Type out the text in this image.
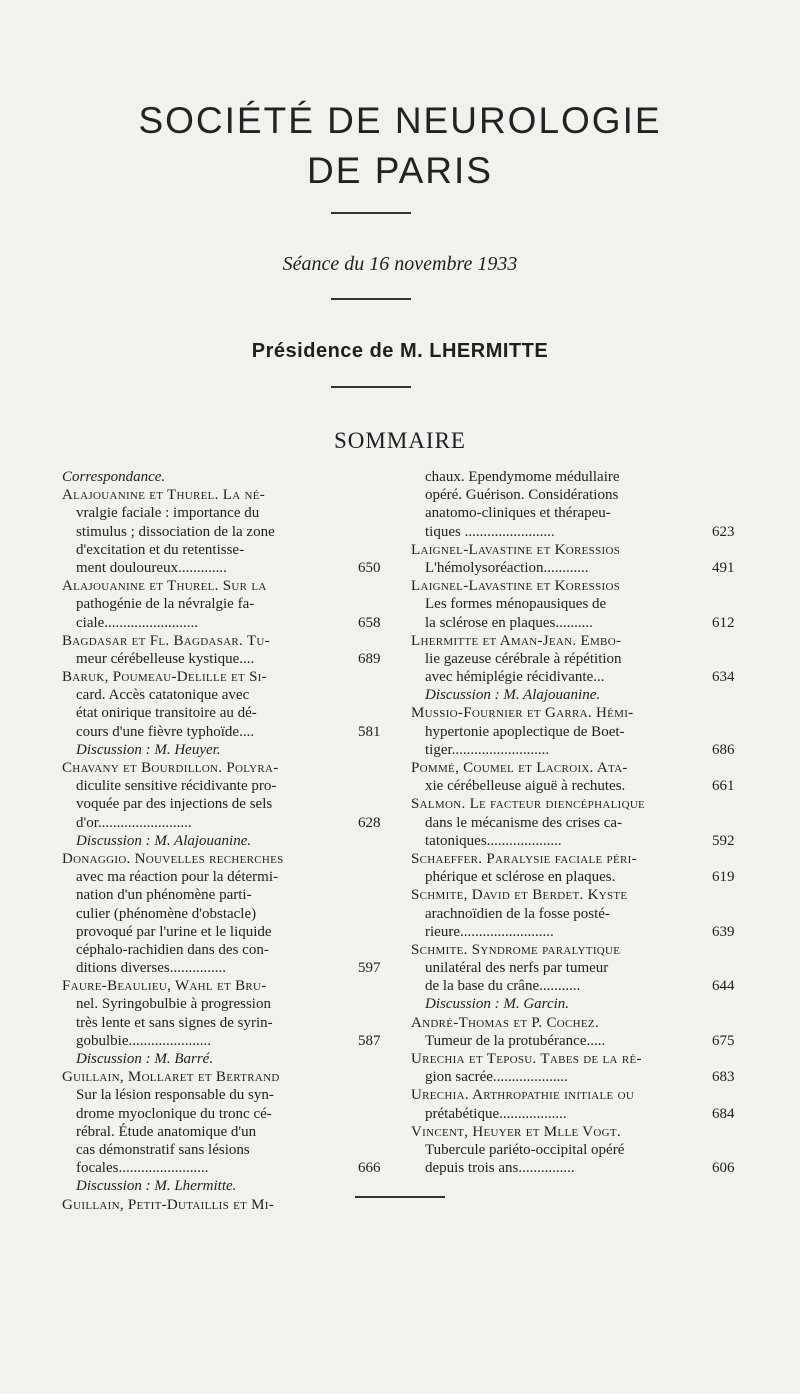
SOCIÉTÉ DE NEUROLOGIE
DE PARIS
Séance du 16 novembre 1933
Présidence de M. LHERMITTE
SOMMAIRE
Correspondance.
Alajouanine et Thurel. La né-
vralgie faciale : importance du
stimulus ; dissociation de la zone
d'excitation et du retentisse-
ment douloureux.............	650
Alajouanine et Thurel. Sur la
pathogénie de la névralgie fa-
ciale.........................	658
Bagdasar et Fl. Bagdasar. Tu-
meur cérébelleuse kystique....	689
Baruk, Poumeau-Delille et Si-
card. Accès catatonique avec
état onirique transitoire au dé-
cours d'une fièvre typhoïde....	581
Discussion : M. Heuyer.
Chavany et Bourdillon. Polyra-
diculite sensitive récidivante pro-
voquée par des injections de sels
d'or.........................	628
Discussion : M. Alajouanine.
Donaggio. Nouvelles recherches
avec ma réaction pour la détermi-
nation d'un phénomène parti-
culier (phénomène d'obstacle)
provoqué par l'urine et le liquide
céphalo-rachidien dans des con-
ditions diverses...............	597
Faure-Beaulieu, Wahl et Bru-
nel. Syringobulbie à progression
très lente et sans signes de syrin-
gobulbie......................	587
Discussion : M. Barré.
Guillain, Mollaret et Bertrand
Sur la lésion responsable du syn-
drome myoclonique du tronc cé-
rébral. Étude anatomique d'un
cas démonstratif sans lésions
focales........................	666
Discussion : M. Lhermitte.
Guillain, Petit-Dutaillis et Mi-
chaux. Ependymome médullaire
opéré. Guérison. Considérations
anatomo-cliniques et thérapeu-
tiques ........................	623
Laignel-Lavastine et Koressios
L'hémolysoréaction............	491
Laignel-Lavastine et Koressios
Les formes ménopausiques de
la sclérose en plaques..........	612
Lhermitte et Aman-Jean. Embo-
lie gazeuse cérébrale à répétition
avec hémiplégie récidivante...	634
Discussion : M. Alajouanine.
Mussio-Fournier et Garra. Hémi-
hypertonie apoplectique de Boet-
tiger..........................	686
Pommé, Coumel et Lacroix. Ata-
xie cérébelleuse aiguë à rechutes.	661
Salmon. Le facteur diencéphalique
dans le mécanisme des crises ca-
tatoniques....................	592
Schaeffer. Paralysie faciale péri-
phérique et sclérose en plaques.	619
Schmite, David et Berdet. Kyste
arachnoïdien de la fosse posté-
rieure.........................	639
Schmite. Syndrome paralytique
unilatéral des nerfs par tumeur
de la base du crâne...........	644
Discussion : M. Garcin.
André-Thomas et P. Cochez.
Tumeur de la protubérance.....	675
Urechia et Teposu. Tabes de la ré-
gion sacrée....................	683
Urechia. Arthropathie initiale ou
prétabétique..................	684
Vincent, Heuyer et Mlle Vogt.
Tubercule pariéto-occipital opéré
depuis trois ans...............	606
